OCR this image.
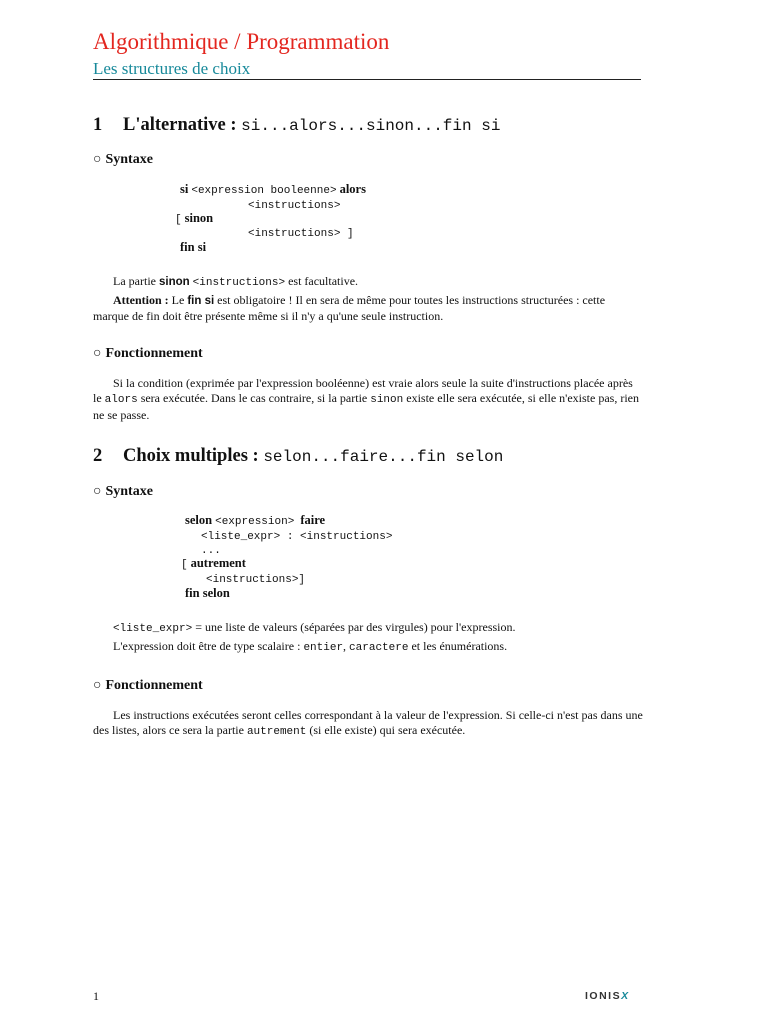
Algorithmique / Programmation
Les structures de choix
1 L'alternative : si...alors...sinon...fin si
○ Syntaxe
si <expression booleenne> alors
<instructions>
[ sinon
<instructions> ]
fin si
La partie sinon <instructions> est facultative.
Attention : Le fin si est obligatoire ! Il en sera de même pour toutes les instructions structurées : cette marque de fin doit être présente même si il n'y a qu'une seule instruction.
○ Fonctionnement
Si la condition (exprimée par l'expression booléenne) est vraie alors seule la suite d'instructions placée après le alors sera exécutée. Dans le cas contraire, si la partie sinon existe elle sera exécutée, si elle n'existe pas, rien ne se passe.
2 Choix multiples : selon...faire...fin selon
○ Syntaxe
selon <expression> faire
<liste_expr> : <instructions>
...
[ autrement
<instructions>]
fin selon
<liste_expr> = une liste de valeurs (séparées par des virgules) pour l'expression.
L'expression doit être de type scalaire : entier, caractere et les énumérations.
○ Fonctionnement
Les instructions exécutées seront celles correspondant à la valeur de l'expression. Si celle-ci n'est pas dans une des listes, alors ce sera la partie autrement (si elle existe) qui sera exécutée.
1	IONISX
